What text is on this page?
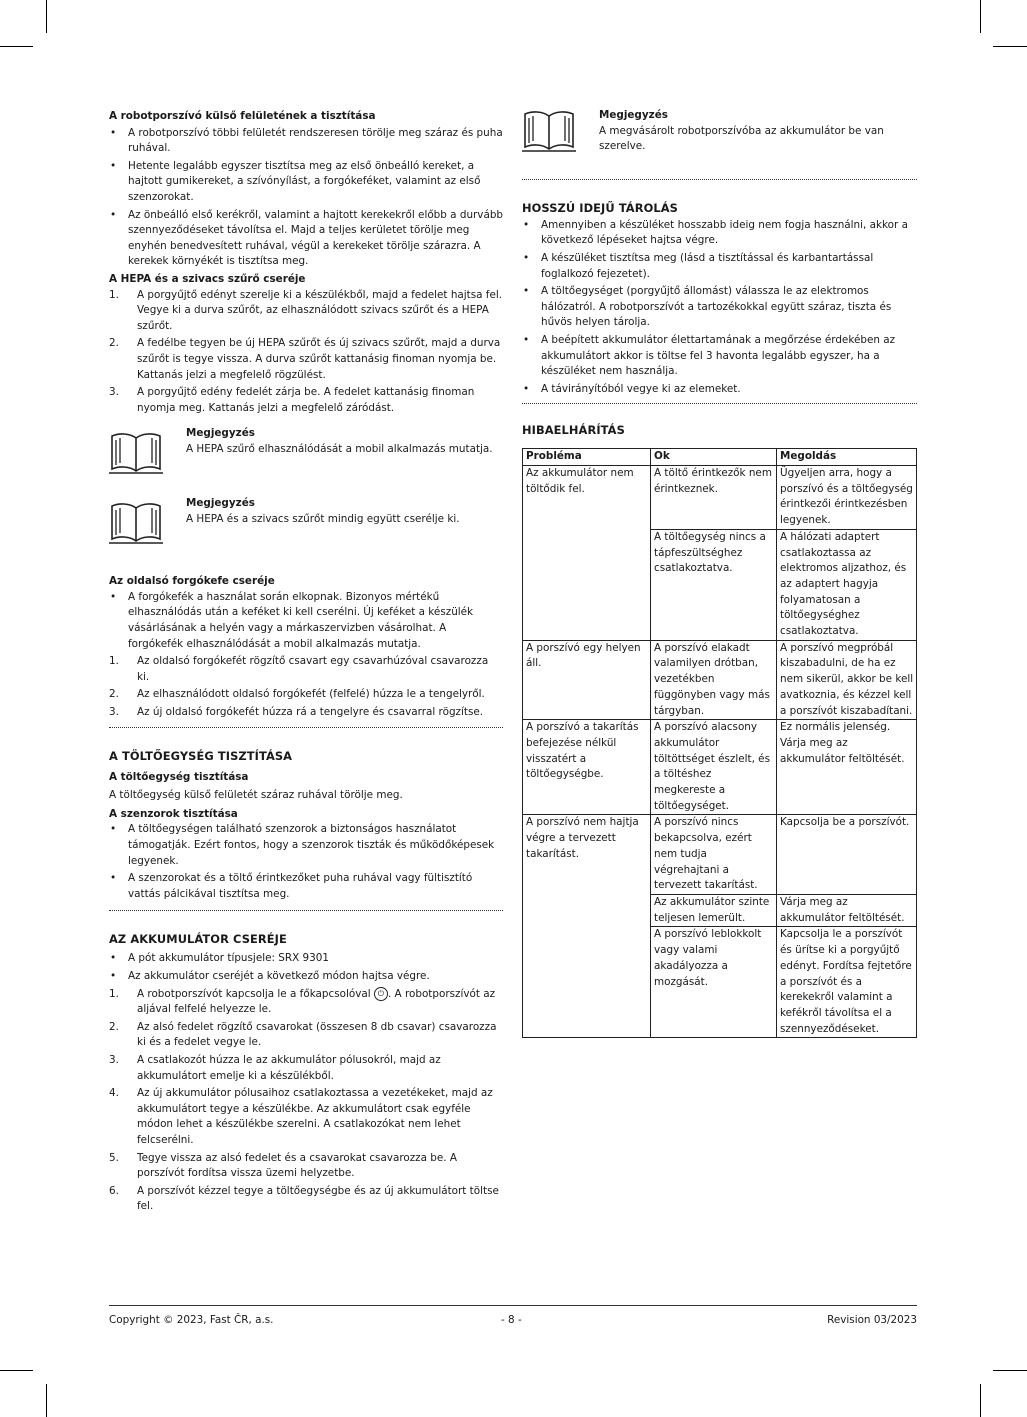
A robotporszívó külső felületének a tisztítása

• A robotporszívó többi felületét rendszeresen törölje meg száraz és puha ruhával.
• Hetente legalább egyszer tisztítsa meg az első önbeálló kereket, a hajtott gumikereket, a szívónyílást, a forgókeféket, valamint az első szenzorokat.
• Az önbeálló első kerékről, valamint a hajtott kerekekről előbb a durvább szennyeződéseket távolítsa el. Majd a teljes kerületet törölje meg enyhén benedvesített ruhával, végül a kerekeket törölje szárazra. A kerekek környékét is tisztítsa meg.

A HEPA és a szivacs szűrő cseréje

1. A porgyűjtő edényt szerelje ki a készülékből, majd a fedelet hajtsa fel. Vegye ki a durva szűrőt, az elhasználódott szivacs szűrőt és a HEPA szűrőt.
2. A fedélbe tegyen be új HEPA szűrőt és új szivacs szűrőt, majd a durva szűrőt is tegye vissza. A durva szűrőt kattanásig finoman nyomja be. Kattanás jelzi a megfelelő rögzülést.
3. A porgyűjtő edény fedelét zárja be. A fedelet kattanásig finoman nyomja meg. Kattanás jelzi a megfelelő záródást.

Megjegyzés

A HEPA szűrő elhasználódását a mobil alkalmazás mutatja.

Megjegyzés

A HEPA és a szivacs szűrőt mindig együtt cserélje ki.

Az oldalsó forgókefe cseréje

• A forgókefék a használat során elkopnak. Bizonyos mértékű elhasználódás után a keféket ki kell cserélni. Új keféket a készülék vásárlásának a helyén vagy a márkaszervizben vásárolhat. A forgókefék elhasználódását a mobil alkalmazás mutatja.
1. Az oldalsó forgókefét rögzítő csavart egy csavarhúzóval csavarozza ki.
2. Az elhasználódott oldalsó forgókefét (felfelé) húzza le a tengelyről.
3. Az új oldalsó forgókefét húzza rá a tengelyre és csavarral rögzítse.

A TÖLTŐEGYSÉG TISZTÍTÁSA

A töltőegység tisztítása

A töltőegység külső felületét száraz ruhával törölje meg.

A szenzorok tisztítása

• A töltőegységen található szenzorok a biztonságos használatot támogatják. Ezért fontos, hogy a szenzorok tiszták és működőképesek legyenek.
• A szenzorokat és a töltő érintkezőket puha ruhával vagy fültisztító vattás pálcikával tisztítsa meg.

AZ AKKUMULÁTOR CSERÉJE

• A pót akkumulátor típusjele: SRX 9301
• Az akkumulátor cseréjét a következő módon hajtsa végre.
1. A robotporszívót kapcsolja le a főkapcsolóval ⏻ . A robotporszívót az aljával felfelé helyezze le.
2. Az alsó fedelet rögzítő csavarokat (összesen 8 db csavar) csavarozza ki és a fedelet vegye le.
3. A csatlakozót húzza le az akkumulátor pólusokról, majd az akkumulátort emelje ki a készülékből.
4. Az új akkumulátor pólusaihoz csatlakoztassa a vezetékeket, majd az akkumulátort tegye a készülékbe. Az akkumulátort csak egyféle módon lehet a készülékbe szerelni. A csatlakozókat nem lehet felcserélni.
5. Tegye vissza az alsó fedelet és a csavarokat csavarozza be. A porszívót fordítsa vissza üzemi helyzetbe.
6. A porszívót kézzel tegye a töltőegységbe és az új akkumulátort töltse fel.

Megjegyzés

A megvásárolt robotporszívóba az akkumulátor be van szerelve.

HOSSZÚ IDEJŰ TÁROLÁS

• Amennyiben a készüléket hosszabb ideig nem fogja használni, akkor a következő lépéseket hajtsa végre.
• A készüléket tisztítsa meg (lásd a tisztítással és karbantartással foglalkozó fejezetet).
• A töltőegységet (porgyűjtő állomást) válassza le az elektromos hálózatról. A robotporszívót a tartozékokkal együtt száraz, tiszta és hűvös helyen tárolja.
• A beépített akkumulátor élettartamának a megőrzése érdekében az akkumulátort akkor is töltse fel 3 havonta legalább egyszer, ha a készüléket nem használja.
• A távirányítóból vegye ki az elemeket.

HIBAELHÁRÍTÁS

Probléma	Ok	Megoldás
Az akkumulátor nem töltődik fel.	A töltő érintkezők nem érintkeznek.	Ügyeljen arra, hogy a porszívó és a töltőegység érintkezői érintkezésben legyenek.
	A töltőegység nincs a tápfeszültséghez csatlakoztatva.	A hálózati adaptert csatlakoztassa az elektromos aljzathoz, és az adaptert hagyja folyamatosan a töltőegységhez csatlakoztatva.
A porszívó egy helyen áll.	A porszívó elakadt valamilyen drótban, vezetékben függönyben vagy más tárgyban.	A porszívó megpróbál kiszabadulni, de ha ez nem sikerül, akkor be kell avatkoznia, és kézzel kell a porszívót kiszabadítani.
A porszívó a takarítás befejezése nélkül visszatért a töltőegységbe.	A porszívó alacsony akkumulátor töltöttséget észlelt, és a töltéshez megkereste a töltőegységet.	Ez normális jelenség. Várja meg az akkumulátor feltöltését.
A porszívó nem hajtja végre a tervezett takarítást.	A porszívó nincs bekapcsolva, ezért nem tudja végrehajtani a tervezett takarítást.	Kapcsolja be a porszívót.
	Az akkumulátor szinte teljesen lemerült.	Várja meg az akkumulátor feltöltését.
	A porszívó leblokkolt vagy valami akadályozza a mozgását.	Kapcsolja le a porszívót és ürítse ki a porgyűjtő edényt. Fordítsa fejtetőre a porszívót és a kerekekről valamint a kefékről távolítsa el a szennyeződéseket.
Copyright © 2023, Fast ČR, a.s.	- 8 -	Revision 03/2023
